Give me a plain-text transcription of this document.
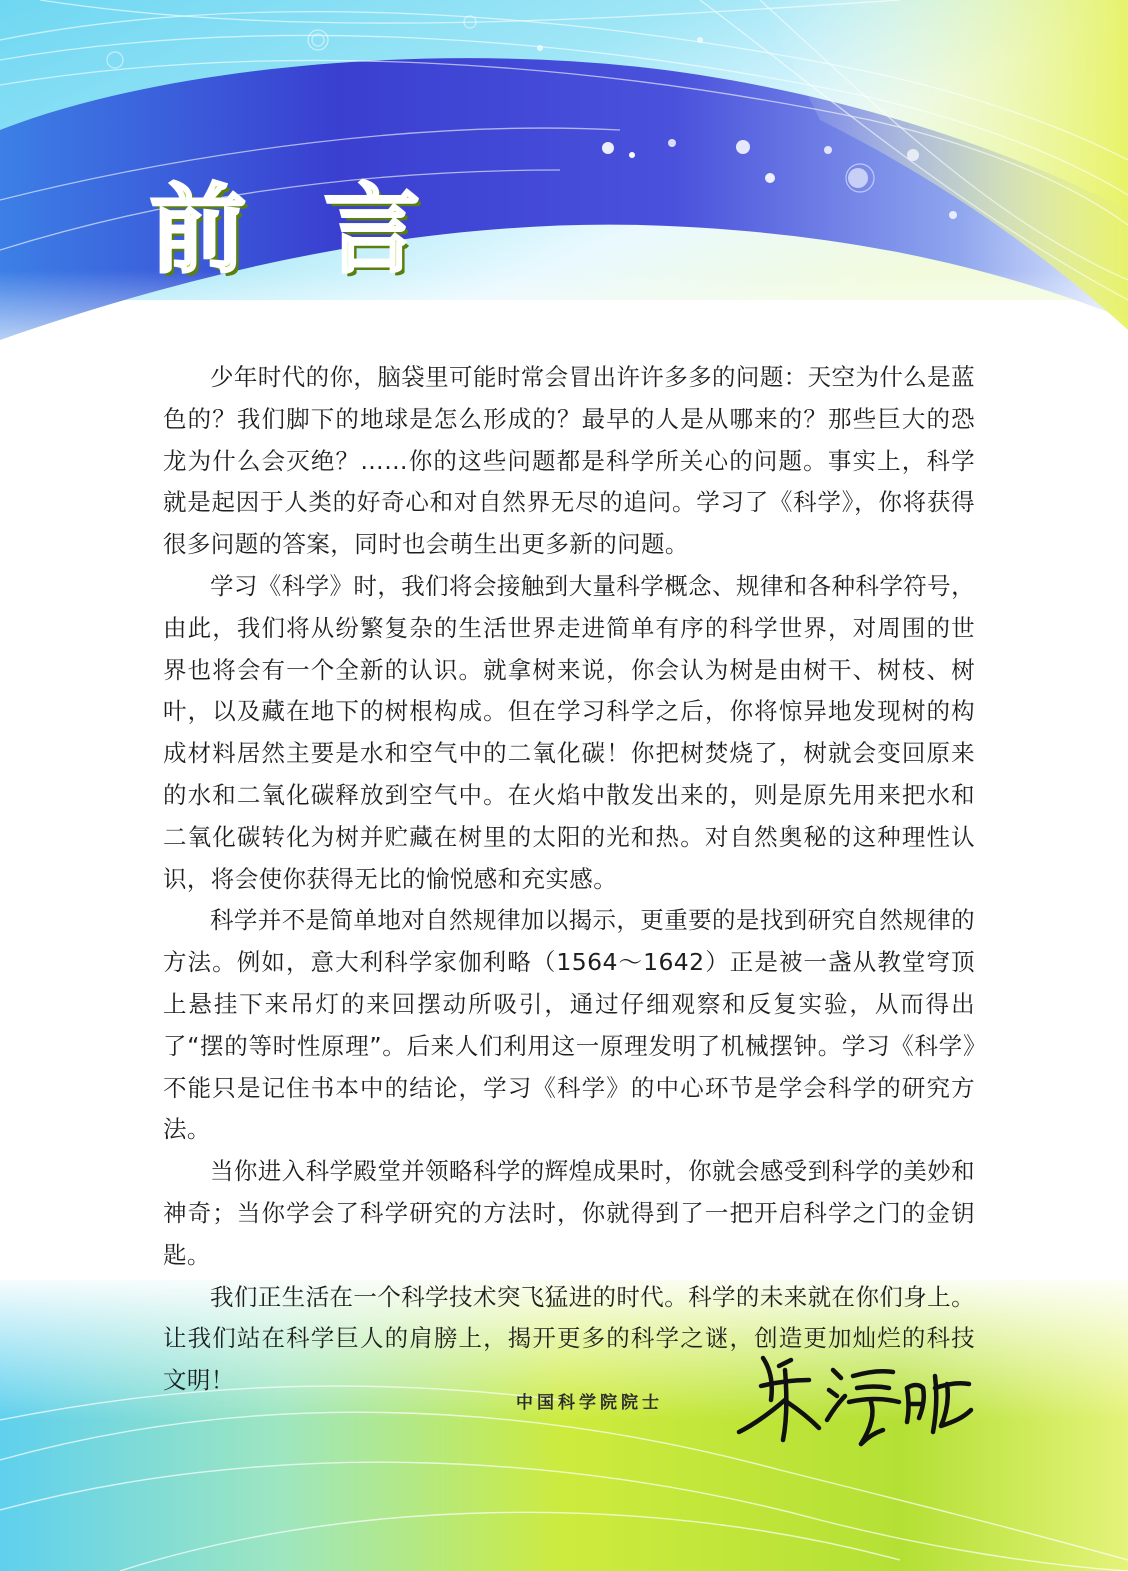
前 言

少年时代的你，脑袋里可能时常会冒出许许多多的问题：天空为什么是蓝色的？我们脚下的地球是怎么形成的？最早的人是从哪来的？那些巨大的恐龙为什么会灭绝？……你的这些问题都是科学所关心的问题。事实上，科学就是起因于人类的好奇心和对自然界无尽的追问。学习了《科学》，你将获得很多问题的答案，同时也会萌生出更多新的问题。

学习《科学》时，我们将会接触到大量科学概念、规律和各种科学符号，由此，我们将从纷繁复杂的生活世界走进简单有序的科学世界，对周围的世界也将会有一个全新的认识。就拿树来说，你会认为树是由树干、树枝、树叶，以及藏在地下的树根构成。但在学习科学之后，你将惊异地发现树的构成材料居然主要是水和空气中的二氧化碳！你把树焚烧了，树就会变回原来的水和二氧化碳释放到空气中。在火焰中散发出来的，则是原先用来把水和二氧化碳转化为树并贮藏在树里的太阳的光和热。对自然奥秘的这种理性认识，将会使你获得无比的愉悦感和充实感。

科学并不是简单地对自然规律加以揭示，更重要的是找到研究自然规律的方法。例如，意大利科学家伽利略（1564～1642）正是被一盏从教堂穹顶上悬挂下来吊灯的来回摆动所吸引，通过仔细观察和反复实验，从而得出了“摆的等时性原理”。后来人们利用这一原理发明了机械摆钟。学习《科学》不能只是记住书本中的结论，学习《科学》的中心环节是学会科学的研究方法。

当你进入科学殿堂并领略科学的辉煌成果时，你就会感受到科学的美妙和神奇；当你学会了科学研究的方法时，你就得到了一把开启科学之门的金钥匙。

我们正生活在一个科学技术突飞猛进的时代。科学的未来就在你们身上。让我们站在科学巨人的肩膀上，揭开更多的科学之谜，创造更加灿烂的科技文明！

中国科学院院士
